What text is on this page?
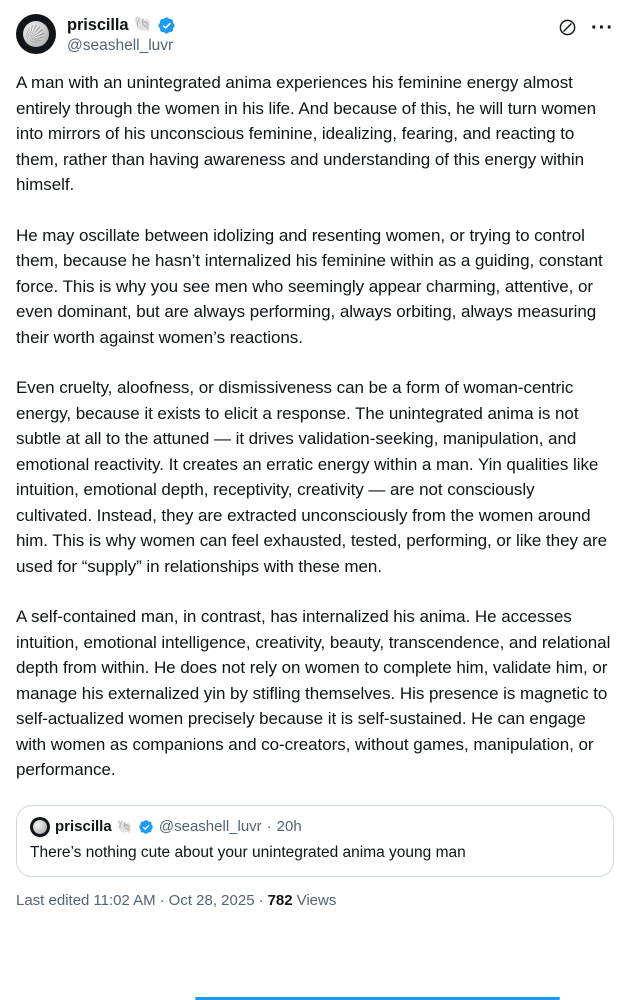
priscilla 🐚
@seashell_luvr
···

A man with an unintegrated anima experiences his feminine energy almost entirely through the women in his life. And because of this, he will turn women into mirrors of his unconscious feminine, idealizing, fearing, and reacting to them, rather than having awareness and understanding of this energy within himself.

He may oscillate between idolizing and resenting women, or trying to control them, because he hasn’t internalized his feminine within as a guiding, constant force. This is why you see men who seemingly appear charming, attentive, or even dominant, but are always performing, always orbiting, always measuring their worth against women’s reactions.

Even cruelty, aloofness, or dismissiveness can be a form of woman-centric energy, because it exists to elicit a response. The unintegrated anima is not subtle at all to the attuned — it drives validation-seeking, manipulation, and emotional reactivity. It creates an erratic energy within a man. Yin qualities like intuition, emotional depth, receptivity, creativity — are not consciously cultivated. Instead, they are extracted unconsciously from the women around him. This is why women can feel exhausted, tested, performing, or like they are used for “supply” in relationships with these men.

A self-contained man, in contrast, has internalized his anima. He accesses intuition, emotional intelligence, creativity, beauty, transcendence, and relational depth from within. He does not rely on women to complete him, validate him, or manage his externalized yin by stifling themselves. His presence is magnetic to self-actualized women precisely because it is self-sustained. He can engage with women as companions and co-creators, without games, manipulation, or performance.

priscilla 🐚 @seashell_luvr · 20h
There’s nothing cute about your unintegrated anima young man
Last edited 11:02 AM · Oct 28, 2025 · 782 Views
